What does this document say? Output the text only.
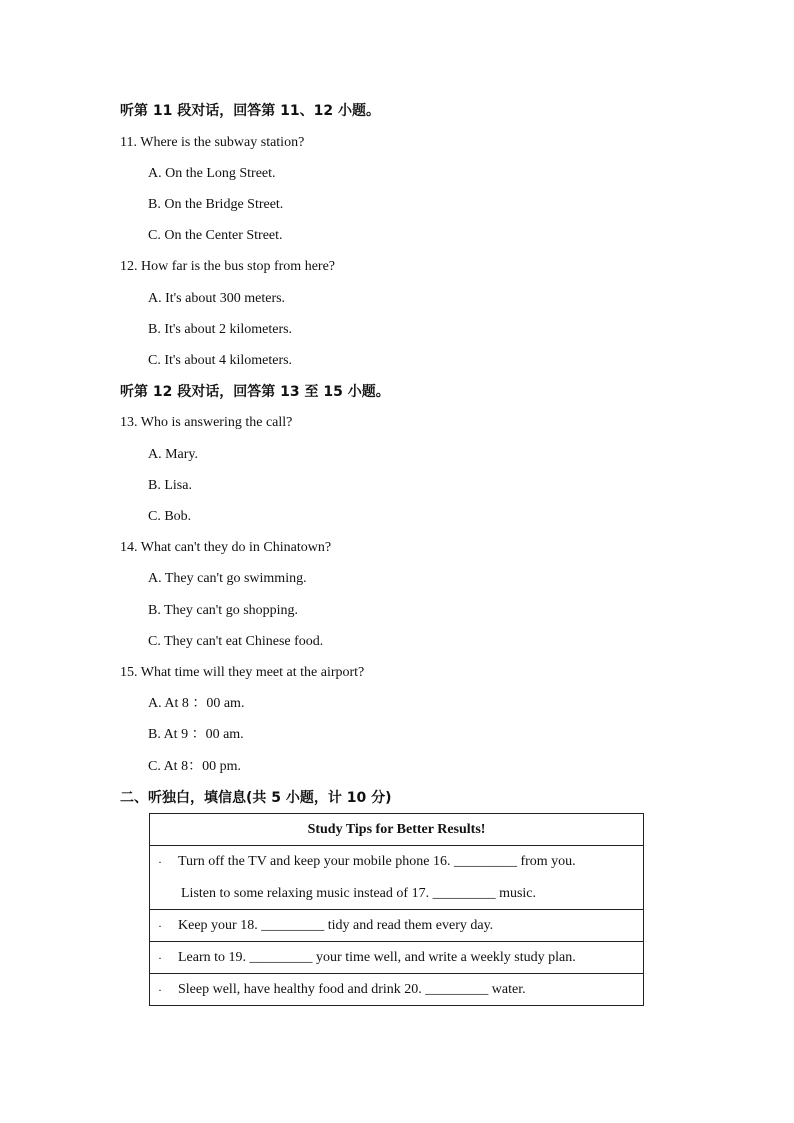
听第 11 段对话，回答第 11、12 小题。
11. Where is the subway station?
A. On the Long Street.
B. On the Bridge Street.
C. On the Center Street.
12. How far is the bus stop from here?
A. It's about 300 meters.
B. It's about 2 kilometers.
C. It's about 4 kilometers.
听第 12 段对话，回答第 13 至 15 小题。
13. Who is answering the call?
A. Mary.
B. Lisa.
C. Bob.
14. What can't they do in Chinatown?
A. They can't go swimming.
B. They can't go shopping.
C. They can't eat Chinese food.
15. What time will they meet at the airport?
A. At 8 ：00 am.
B. At 9 ：00 am.
C. At 8：00 pm.
二、听独白，填信息(共 5 小题，计 10 分)
Study Tips for Better Results!
· Turn off the TV and keep your mobile phone 16. _________ from you.
Listen to some relaxing music instead of 17. _________ music.
· Keep your 18. _________ tidy and read them every day.
· Learn to 19. _________ your time well, and write a weekly study plan.
· Sleep well, have healthy food and drink 20. _________ water.
